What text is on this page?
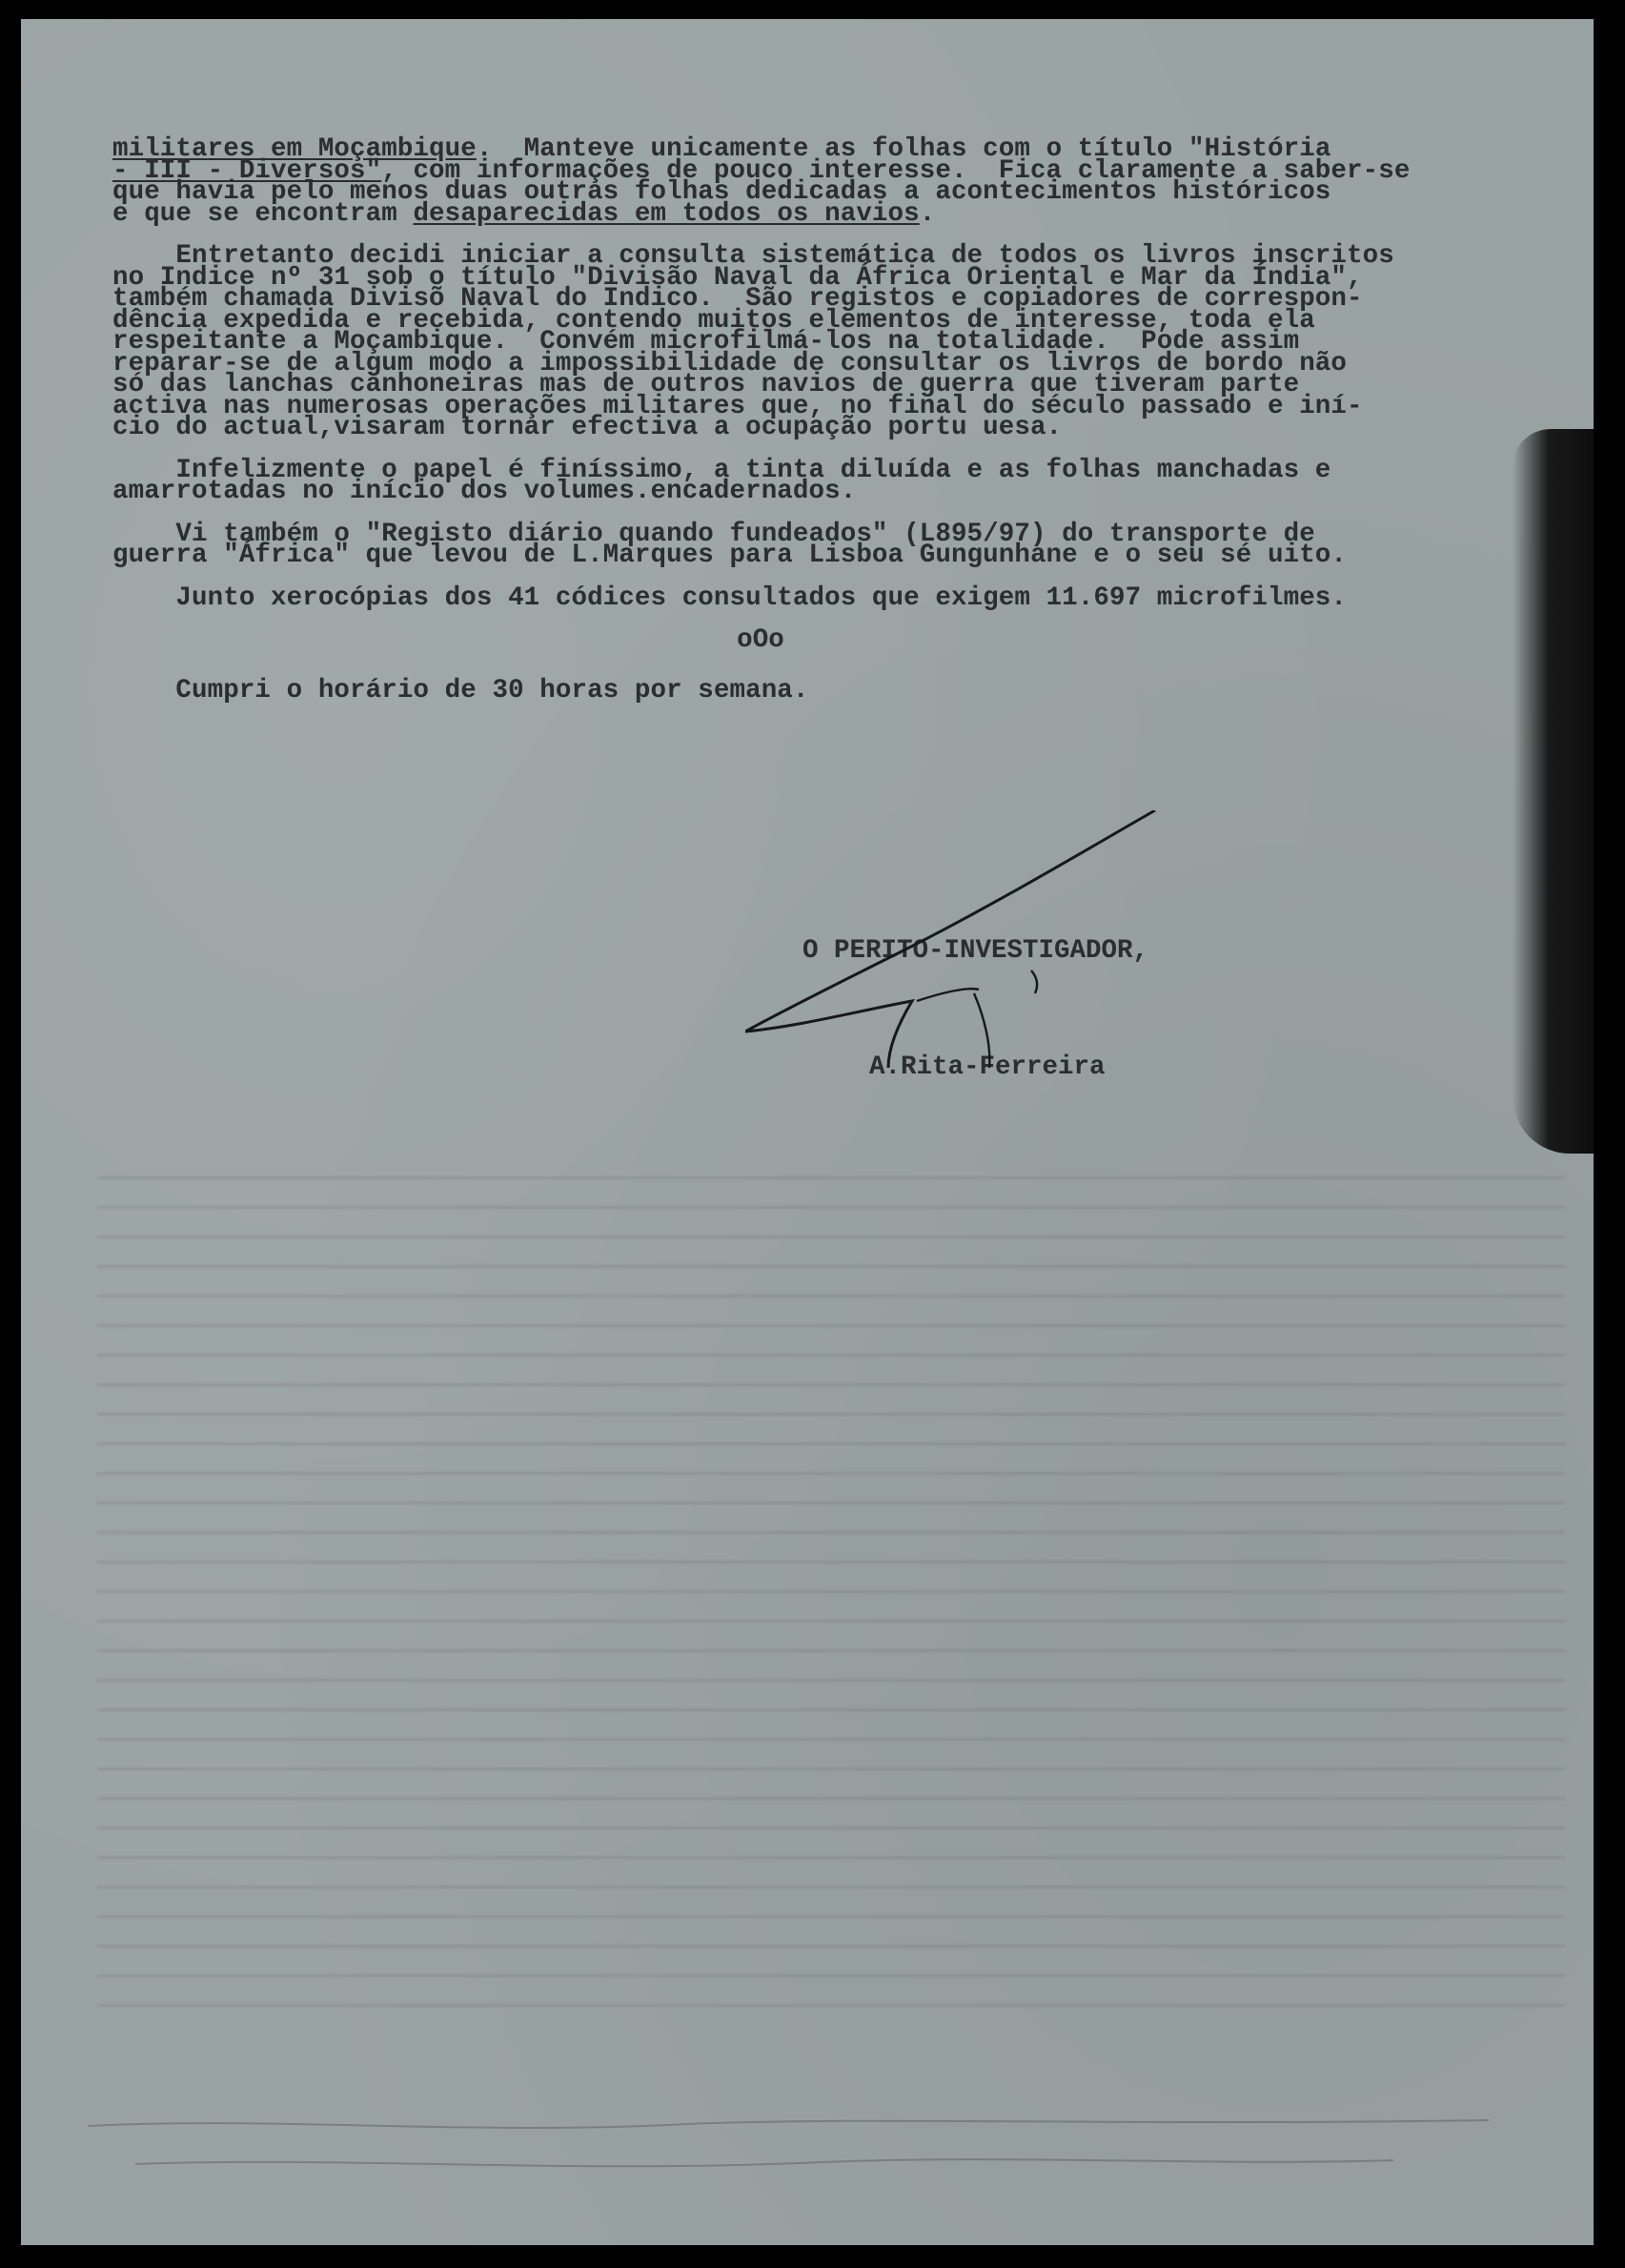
militares em Moçambique.  Manteve unicamente as folhas com o título "História
- III - Diversos", com informações de pouco interesse.  Fica claramente a saber-se
que havia pelo menos duas outras folhas dedicadas a acontecimentos históricos
e que se encontram desaparecidas em todos os navios.
Entretanto decidi iniciar a consulta sistemática de todos os livros inscritos
no Indice nº 31 sob o título "Divisão Naval da África Oriental e Mar da Índia",
também chamada Divisõ Naval do Indico.  São registos e copiadores de correspon-
dência expedida e recebida, contendo muitos elementos de interesse, toda ela
respeitante a Moçambique.  Convém microfilmá-los na totalidade.  Pode assim
reparar-se de algum modo a impossibilidade de consultar os livros de bordo não
só das lanchas canhoneiras mas de outros navios de guerra que tiveram parte
activa nas numerosas operações militares que, no final do século passado e iní-
cio do actual,visaram tornar efectiva a ocupação portu uesa.
Infelizmente o papel é finíssimo, a tinta diluída e as folhas manchadas e
amarrotadas no início dos volumes.encadernados.
Vi também o "Registo diário quando fundeados" (L895/97) do transporte de
guerra "África" que levou de L.Marques para Lisboa Gungunhane e o seu sé uito.
Junto xerocópias dos 41 códices consultados que exigem 11.697 microfilmes.
oOo
Cumpri o horário de 30 horas por semana.
O PERITO-INVESTIGADOR,
A.Rita-Ferreira
